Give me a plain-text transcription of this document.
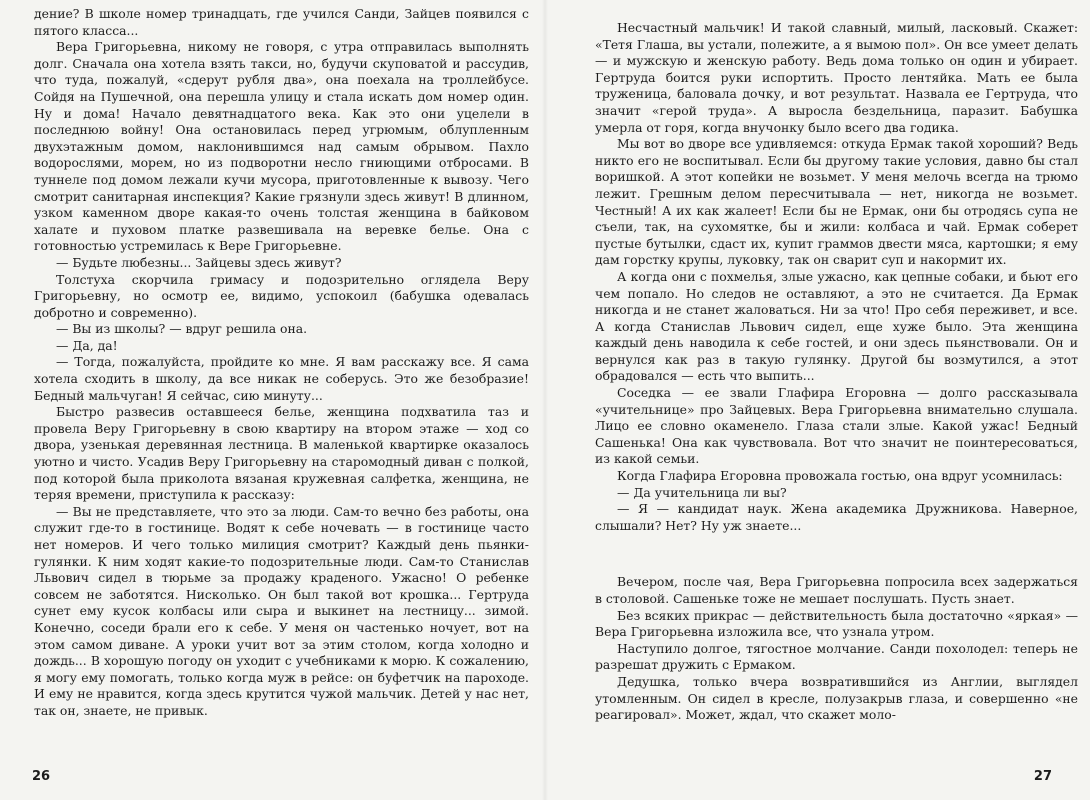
дение? В школе номер тринадцать, где учился Санди, Зайцев появился с пятого класса...

Вера Григорьевна, никому не говоря, с утра отправилась выполнять долг. Сначала она хотела взять такси, но, будучи скуповатой и рассудив, что туда, пожалуй, «сдерут рубля два», она поехала на троллейбусе. Сойдя на Пушечной, она перешла улицу и стала искать дом номер один. Ну и дома! Начало девятнадцатого века. Как это они уцелели в последнюю войну! Она остановилась перед угрюмым, облупленным двухэтажным домом, наклонившимся над самым обрывом. Пахло водорослями, морем, но из подворотни несло гниющими отбросами. В туннеле под домом лежали кучи мусора, приготовленные к вывозу. Чего смотрит санитарная инспекция? Какие грязнули здесь живут! В длинном, узком каменном дворе какая-то очень толстая женщина в байковом халате и пуховом платке развешивала на веревке белье. Она с готовностью устремилась к Вере Григорьевне.

— Будьте любезны... Зайцевы здесь живут?

Толстуха скорчила гримасу и подозрительно оглядела Веру Григорьевну, но осмотр ее, видимо, успокоил (бабушка одевалась добротно и современно).

— Вы из школы? — вдруг решила она.

— Да, да!

— Тогда, пожалуйста, пройдите ко мне. Я вам расскажу все. Я сама хотела сходить в школу, да все никак не соберусь. Это же безобразие! Бедный мальчуган! Я сейчас, сию минуту...

Быстро развесив оставшееся белье, женщина подхватила таз и провела Веру Григорьевну в свою квартиру на втором этаже — ход со двора, узенькая деревянная лестница. В маленькой квартирке оказалось уютно и чисто. Усадив Веру Григорьевну на старомодный диван с полкой, под которой была приколота вязаная кружевная салфетка, женщина, не теряя времени, приступила к рассказу:

— Вы не представляете, что это за люди. Сам-то вечно без работы, она служит где-то в гостинице. Водят к себе ночевать — в гостинице часто нет номеров. И чего только милиция смотрит? Каждый день пьянки-гулянки. К ним ходят какие-то подозрительные люди. Сам-то Станислав Львович сидел в тюрьме за продажу краденого. Ужасно! О ребенке совсем не заботятся. Нисколько. Он был такой вот крошка... Гертруда сунет ему кусок колбасы или сыра и выкинет на лестницу... зимой. Конечно, соседи брали его к себе. У меня он частенько ночует, вот на этом самом диване. А уроки учит вот за этим столом, когда холодно и дождь... В хорошую погоду он уходит с учебниками к морю. К сожалению, я могу ему помогать, только когда муж в рейсе: он буфетчик на пароходе. И ему не нравится, когда здесь крутится чужой мальчик. Детей у нас нет, так он, знаете, не привык.

26

Несчастный мальчик! И такой славный, милый, ласковый. Скажет: «Тетя Глаша, вы устали, полежите, а я вымою пол». Он все умеет делать — и мужскую и женскую работу. Ведь дома только он один и убирает. Гертруда боится руки испортить. Просто лентяйка. Мать ее была труженица, баловала дочку, и вот результат. Назвала ее Гертруда, что значит «герой труда». А выросла бездельница, паразит. Бабушка умерла от горя, когда внучонку было всего два годика.

Мы вот во дворе все удивляемся: откуда Ермак такой хороший? Ведь никто его не воспитывал. Если бы другому такие условия, давно бы стал воришкой. А этот копейки не возьмет. У меня мелочь всегда на трюмо лежит. Грешным делом пересчитывала — нет, никогда не возьмет. Честный! А их как жалеет! Если бы не Ермак, они бы отродясь супа не съели, так, на сухомятке, бы и жили: колбаса и чай. Ермак соберет пустые бутылки, сдаст их, купит граммов двести мяса, картошки; я ему дам горстку крупы, луковку, так он сварит суп и накормит их.

А когда они с похмелья, злые ужасно, как цепные собаки, и бьют его чем попало. Но следов не оставляют, а это не считается. Да Ермак никогда и не станет жаловаться. Ни за что! Про себя переживет, и все. А когда Станислав Львович сидел, еще хуже было. Эта женщина каждый день наводила к себе гостей, и они здесь пьянствовали. Он и вернулся как раз в такую гулянку. Другой бы возмутился, а этот обрадовался — есть что выпить...

Соседка — ее звали Глафира Егоровна — долго рассказывала «учительнице» про Зайцевых. Вера Григорьевна внимательно слушала. Лицо ее словно окаменело. Глаза стали злые. Какой ужас! Бедный Сашенька! Она как чувствовала. Вот что значит не поинтересоваться, из какой семьи.

Когда Глафира Егоровна провожала гостью, она вдруг усомнилась:

— Да учительница ли вы?

— Я — кандидат наук. Жена академика Дружникова. Наверное, слышали? Нет? Ну уж знаете...

Вечером, после чая, Вера Григорьевна попросила всех задержаться в столовой. Сашеньке тоже не мешает послушать. Пусть знает.

Без всяких прикрас — действительность была достаточно «яркая» — Вера Григорьевна изложила все, что узнала утром.

Наступило долгое, тягостное молчание. Санди похолодел: теперь не разрешат дружить с Ермаком.

Дедушка, только вчера возвратившийся из Англии, выглядел утомленным. Он сидел в кресле, полузакрыв глаза, и совершенно «не реагировал». Может, ждал, что скажет моло-

27
